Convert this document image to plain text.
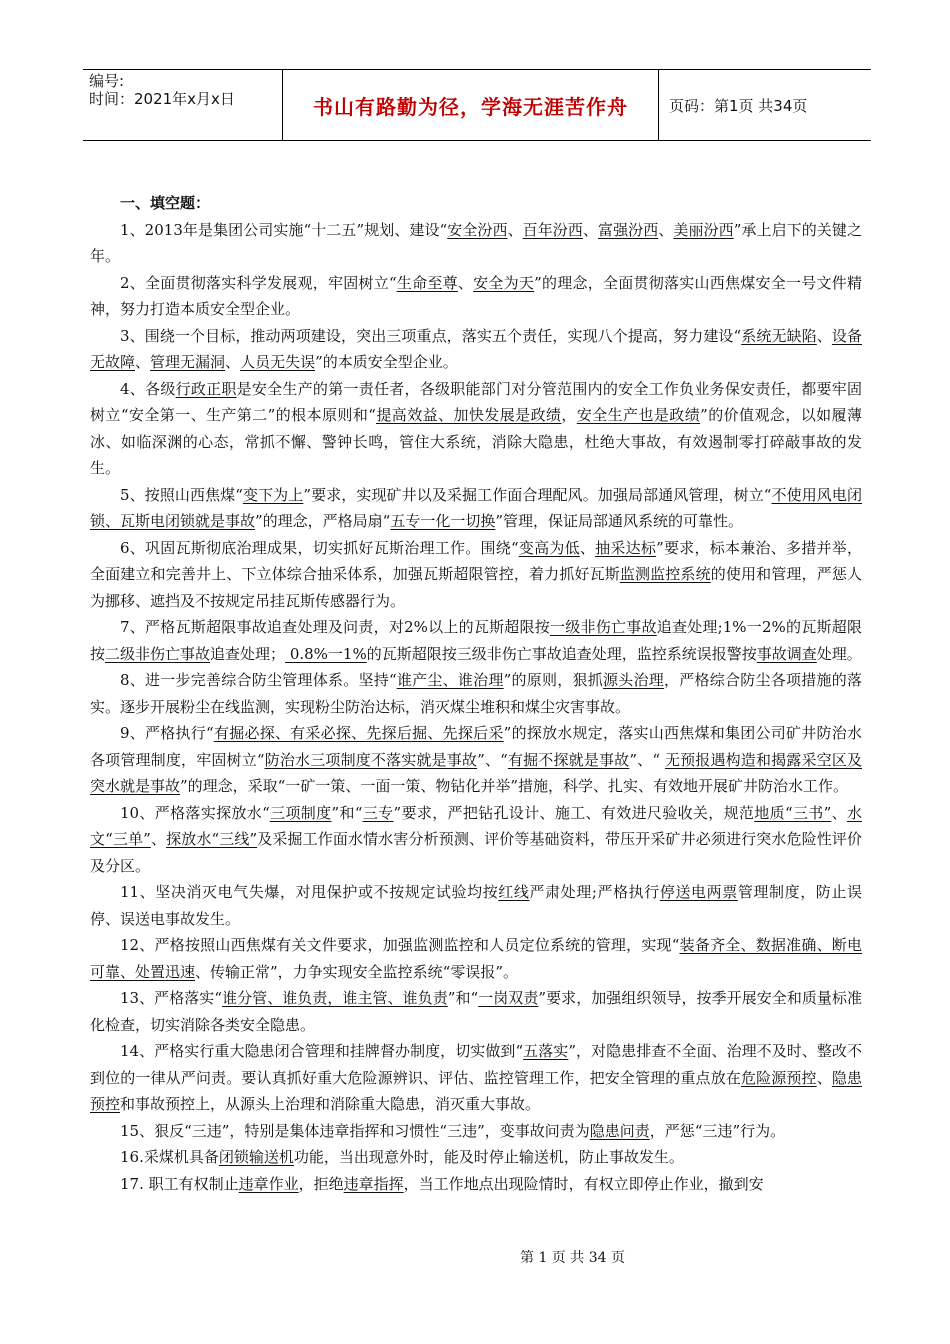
编号:
时间：2021年x月x日	书山有路勤为径，学海无涯苦作舟	页码：第1页 共34页

一、填空题：

1、2013年是集团公司实施“十二五”规划、建设“安全汾西、百年汾西、富强汾西、美丽汾西”承上启下的关键之年。

2、全面贯彻落实科学发展观，牢固树立“生命至尊、安全为天”的理念，全面贯彻落实山西焦煤安全一号文件精神，努力打造本质安全型企业。

3、围绕一个目标，推动两项建设，突出三项重点，落实五个责任，实现八个提高，努力建设“系统无缺陷、设备无故障、管理无漏洞、人员无失误”的本质安全型企业。

4、各级行政正职是安全生产的第一责任者，各级职能部门对分管范围内的安全工作负业务保安责任，都要牢固树立“安全第一、生产第二”的根本原则和“提高效益、加快发展是政绩，安全生产也是政绩”的价值观念，以如履薄冰、如临深渊的心态，常抓不懈、警钟长鸣，管住大系统，消除大隐患，杜绝大事故，有效遏制零打碎敲事故的发生。

5、按照山西焦煤“变下为上”要求，实现矿井以及采掘工作面合理配风。加强局部通风管理，树立“不使用风电闭锁、瓦斯电闭锁就是事故”的理念，严格局扇“五专一化一切换”管理，保证局部通风系统的可靠性。

6、巩固瓦斯彻底治理成果，切实抓好瓦斯治理工作。围绕“变高为低、抽采达标”要求，标本兼治、多措并举，全面建立和完善井上、下立体综合抽采体系，加强瓦斯超限管控，着力抓好瓦斯监测监控系统的使用和管理，严惩人为挪移、遮挡及不按规定吊挂瓦斯传感器行为。

7、严格瓦斯超限事故追查处理及问责，对2%以上的瓦斯超限按一级非伤亡事故追查处理;1%一2%的瓦斯超限按二级非伤亡事故追查处理； 0.8%一1%的瓦斯超限按三级非伤亡事故追查处理，监控系统误报警按事故调查处理。

8、进一步完善综合防尘管理体系。坚持“谁产尘、谁治理”的原则，狠抓源头治理，严格综合防尘各项措施的落实。逐步开展粉尘在线监测，实现粉尘防治达标，消灭煤尘堆积和煤尘灾害事故。

9、严格执行“有掘必探、有采必探、先探后掘、先探后采”的探放水规定，落实山西焦煤和集团公司矿井防治水各项管理制度，牢固树立“防治水三项制度不落实就是事故”、“有掘不探就是事故”、“ 无预报遇构造和揭露采空区及突水就是事故”的理念，采取“一矿一策、一面一策、物钻化并举”措施，科学、扎实、有效地开展矿井防治水工作。

10、严格落实探放水“三项制度”和“三专”要求，严把钻孔设计、施工、有效进尺验收关，规范地质“三书”、水文“三单”、探放水“三线”及采掘工作面水情水害分析预测、评价等基础资料，带压开采矿井必须进行突水危险性评价及分区。

11、坚决消灭电气失爆，对甩保护或不按规定试验均按红线严肃处理;严格执行停送电两票管理制度，防止误停、误送电事故发生。

12、严格按照山西焦煤有关文件要求，加强监测监控和人员定位系统的管理，实现“装备齐全、数据准确、断电可靠、处置迅速、传输正常”，力争实现安全监控系统“零误报”。

13、严格落实“谁分管、谁负责，谁主管、谁负责”和“一岗双责”要求，加强组织领导，按季开展安全和质量标准化检查，切实消除各类安全隐患。

14、严格实行重大隐患闭合管理和挂牌督办制度，切实做到“五落实”，对隐患排查不全面、治理不及时、整改不到位的一律从严问责。要认真抓好重大危险源辨识、评估、监控管理工作，把安全管理的重点放在危险源预控、隐患预控和事故预控上，从源头上治理和消除重大隐患，消灭重大事故。

15、狠反“三违”，特别是集体违章指挥和习惯性“三违”，变事故问责为隐患问责，严惩“三违”行为。

16.采煤机具备闭锁输送机功能，当出现意外时，能及时停止输送机，防止事故发生。

17. 职工有权制止违章作业，拒绝违章指挥，当工作地点出现险情时，有权立即停止作业，撤到安

第 1 页 共 34 页
